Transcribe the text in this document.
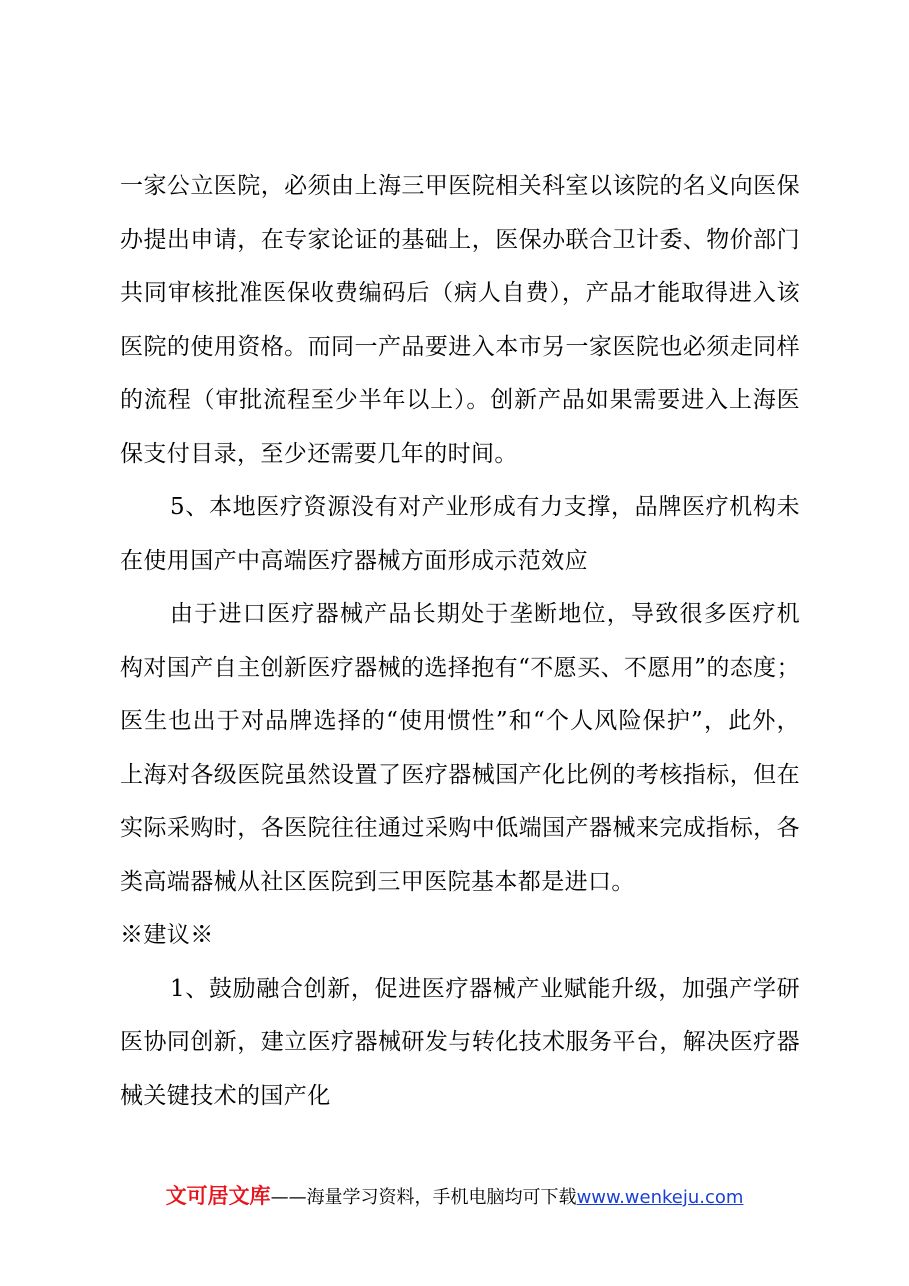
一家公立医院，必须由上海三甲医院相关科室以该院的名义向医保办提出申请，在专家论证的基础上，医保办联合卫计委、物价部门共同审核批准医保收费编码后（病人自费），产品才能取得进入该医院的使用资格。而同一产品要进入本市另一家医院也必须走同样的流程（审批流程至少半年以上）。创新产品如果需要进入上海医保支付目录，至少还需要几年的时间。

5、本地医疗资源没有对产业形成有力支撑，品牌医疗机构未在使用国产中高端医疗器械方面形成示范效应

由于进口医疗器械产品长期处于垄断地位，导致很多医疗机构对国产自主创新医疗器械的选择抱有“不愿买、不愿用”的态度；医生也出于对品牌选择的“使用惯性”和“个人风险保护”，此外，上海对各级医院虽然设置了医疗器械国产化比例的考核指标，但在实际采购时，各医院往往通过采购中低端国产器械来完成指标，各类高端器械从社区医院到三甲医院基本都是进口。

※建议※

1、鼓励融合创新，促进医疗器械产业赋能升级，加强产学研医协同创新，建立医疗器械研发与转化技术服务平台，解决医疗器械关键技术的国产化

文可居文库——海量学习资料，手机电脑均可下载www.wenkeju.com
